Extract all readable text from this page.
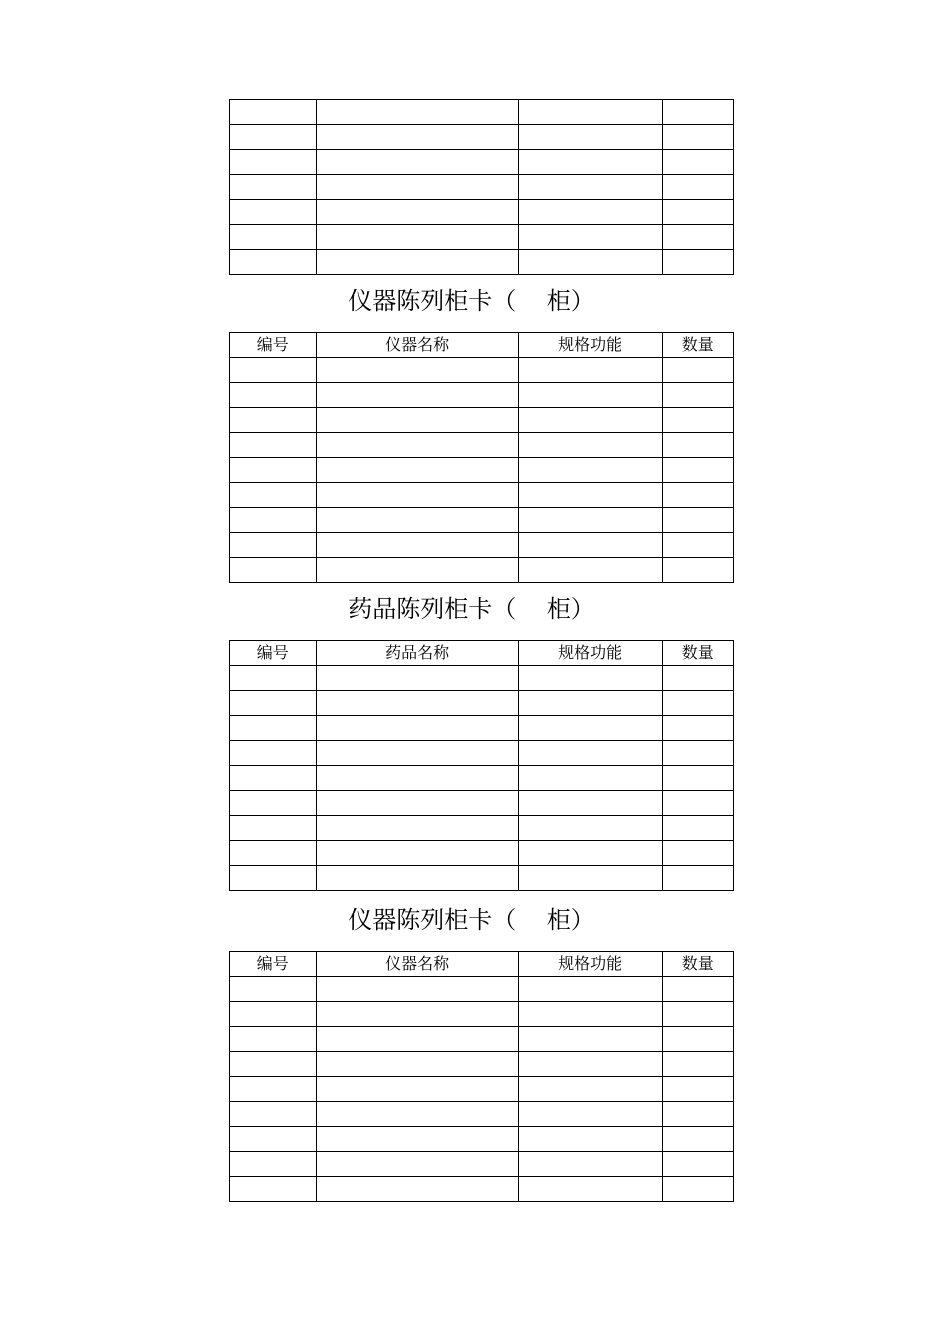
仪器陈列柜卡（    柜）
编号	仪器名称	规格功能	数量

药品陈列柜卡（    柜）
编号	药品名称	规格功能	数量

仪器陈列柜卡（    柜）
编号	仪器名称	规格功能	数量
